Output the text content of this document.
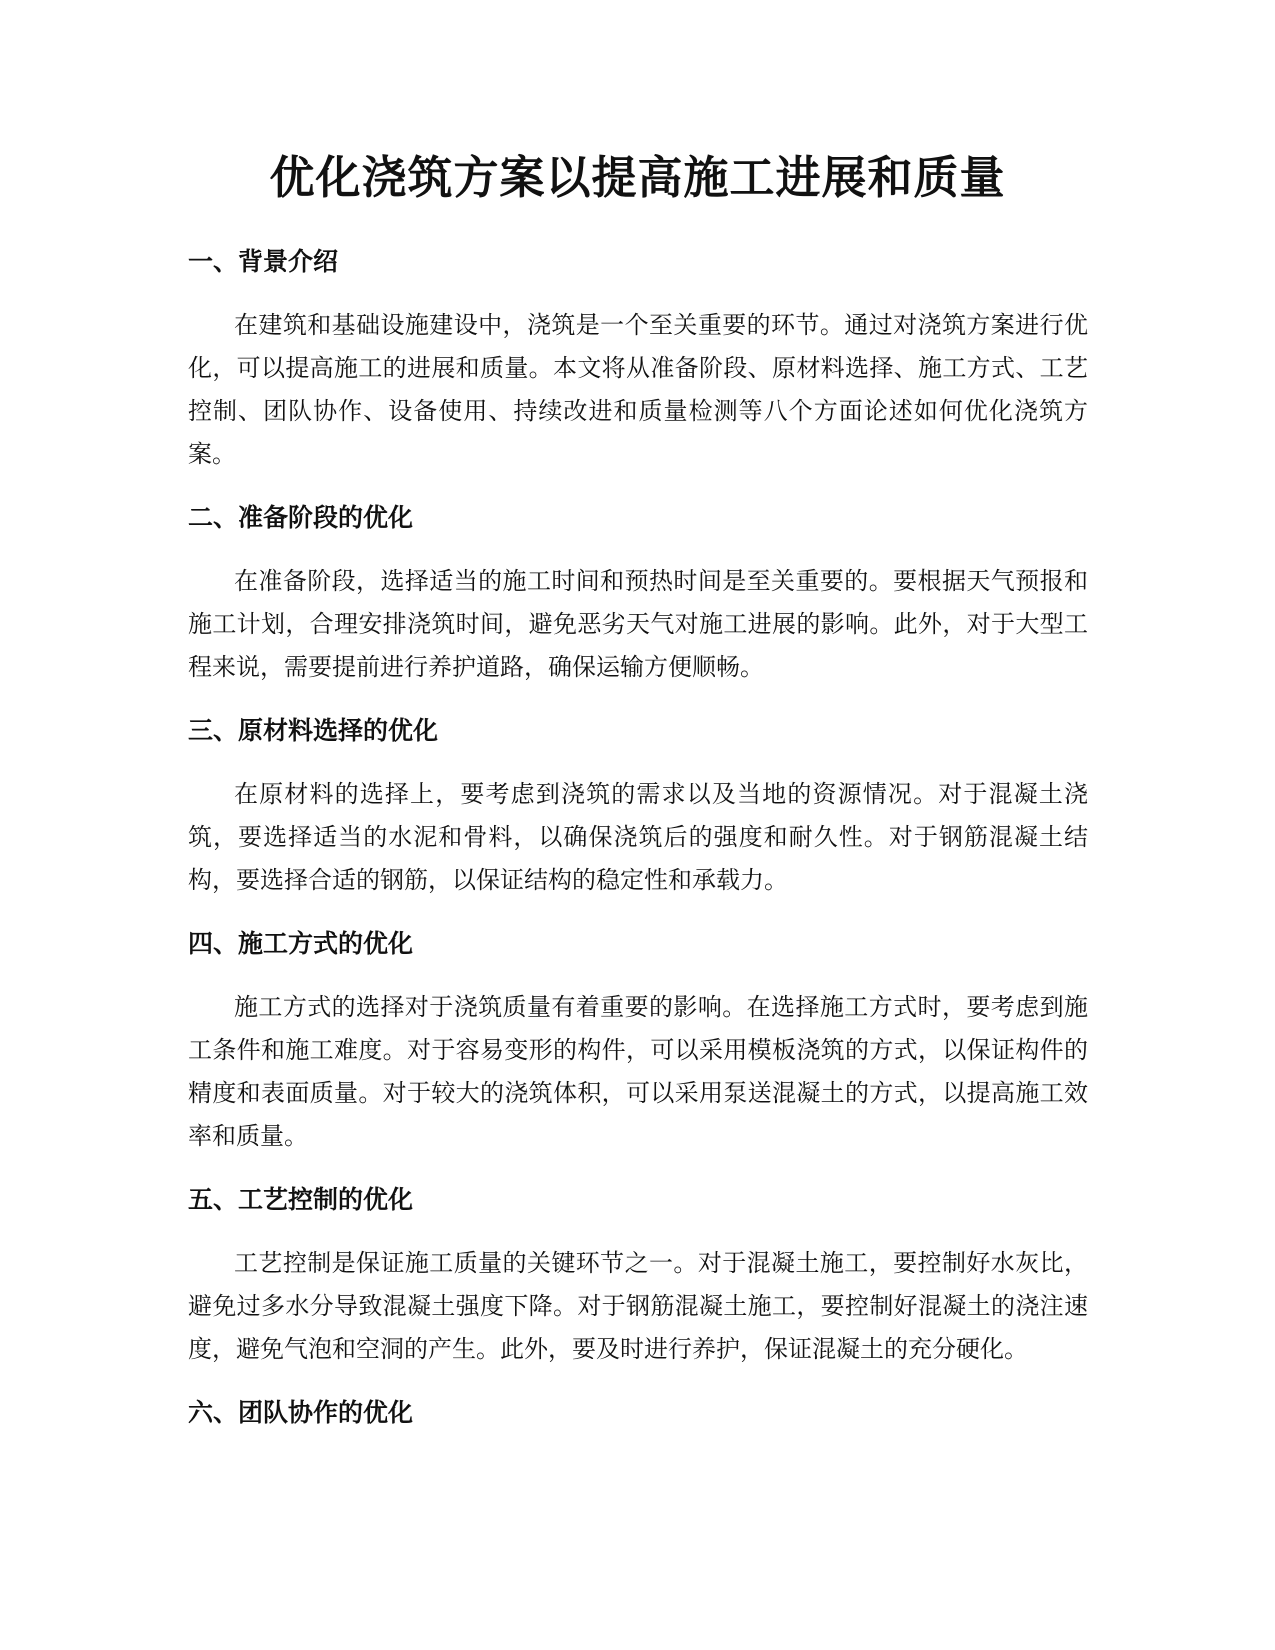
优化浇筑方案以提高施工进展和质量
一、背景介绍

在建筑和基础设施建设中，浇筑是一个至关重要的环节。通过对浇筑方案进行优化，可以提高施工的进展和质量。本文将从准备阶段、原材料选择、施工方式、工艺控制、团队协作、设备使用、持续改进和质量检测等八个方面论述如何优化浇筑方案。

二、准备阶段的优化

在准备阶段，选择适当的施工时间和预热时间是至关重要的。要根据天气预报和施工计划，合理安排浇筑时间，避免恶劣天气对施工进展的影响。此外，对于大型工程来说，需要提前进行养护道路，确保运输方便顺畅。

三、原材料选择的优化

在原材料的选择上，要考虑到浇筑的需求以及当地的资源情况。对于混凝土浇筑，要选择适当的水泥和骨料，以确保浇筑后的强度和耐久性。对于钢筋混凝土结构，要选择合适的钢筋，以保证结构的稳定性和承载力。

四、施工方式的优化

施工方式的选择对于浇筑质量有着重要的影响。在选择施工方式时，要考虑到施工条件和施工难度。对于容易变形的构件，可以采用模板浇筑的方式，以保证构件的精度和表面质量。对于较大的浇筑体积，可以采用泵送混凝土的方式，以提高施工效率和质量。

五、工艺控制的优化

工艺控制是保证施工质量的关键环节之一。对于混凝土施工，要控制好水灰比，避免过多水分导致混凝土强度下降。对于钢筋混凝土施工，要控制好混凝土的浇注速度，避免气泡和空洞的产生。此外，要及时进行养护，保证混凝土的充分硬化。

六、团队协作的优化
